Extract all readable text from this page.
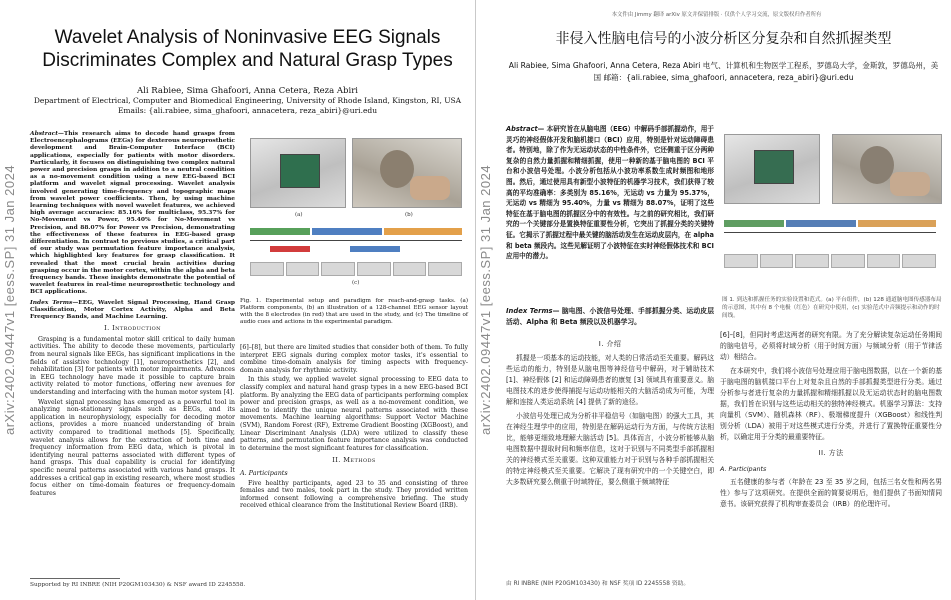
arXiv:2402.09447v1 [eess.SP] 31 Jan 2024
Wavelet Analysis of Noninvasive EEG Signals Discriminates Complex and Natural Grasp Types
Ali Rabiee, Sima Ghafoori, Anna Cetera, Reza Abiri
Department of Electrical, Computer and Biomedical Engineering, University of Rhode Island, Kingston, RI, USA
Emails: {ali.rabiee, sima_ghafoori, annacetera, reza_abiri}@uri.edu
Abstract—This research aims to decode hand grasps from Electroencephalograms (EEGs) for dexterous neuroprosthetic development and Brain-Computer Interface (BCI) applications, especially for patients with motor disorders. Particularly, it focuses on distinguishing two complex natural power and precision grasps in addition to a neutral condition as a no-movement condition using a new EEG-based BCI platform and wavelet signal processing. Wavelet analysis involved generating time-frequency and topographic maps from wavelet power coefficients. Then, by using machine learning techniques with novel wavelet features, we achieved high average accuracies: 85.16% for multiclass, 95.37% for No-Movement vs Power, 95.40% for No-Movement vs Precision, and 88.07% for Power vs Precision, demonstrating the effectiveness of these features in EEG-based grasp differentiation. In contrast to previous studies, a critical part of our study was permutation feature importance analysis, which highlighted key features for grasp classification. It revealed that the most crucial brain activities during grasping occur in the motor cortex, within the alpha and beta frequency bands. These insights demonstrate the potential of wavelet features in real-time neuroprosthetic technology and BCI applications.
Index Terms—EEG, Wavelet Signal Processing, Hand Grasp Classification, Motor Cortex Activity, Alpha and Beta Frequency Bands, and Machine Learning.
I. Introduction

Grasping is a fundamental motor skill critical to daily human activities. The ability to decode these movements, particularly from neural signals like EEGs, has significant implications in the fields of assistive technology [1], neuroprosthetics [2], and rehabilitation [3] for patients with motor impairments. Advances in EEG technology have made it possible to capture brain activity related to motor functions, offering new avenues for understanding and interfacing with the human motor system [4].

Wavelet signal processing has emerged as a powerful tool in analyzing non-stationary signals such as EEGs, and its application in neurophysiology, especially for decoding motor actions, provides a more nuanced understanding of brain activity compared to traditional methods [5]. Specifically, wavelet analysis allows for the extraction of both time and frequency information from EEG data, which is pivotal in identifying neural patterns associated with different types of hand grasps. This dual capability is crucial for identifying specific neural patterns associated with various hand grasps. It addresses a critical gap in existing research, where most studies focus either on time-domain features or frequency-domain features

(a)	(b)
(c)
Fig. 1. Experimental setup and paradigm for reach-and-grasp tasks. (a) Platform components, (b) an illustration of a 128-channel EEG sensor layout with the 8 electrodes (in red) that are used in the study, and (c) The timeline of audio cues and actions in the experimental paradigm.

[6]–[8], but there are limited studies that consider both of them. To fully interpret EEG signals during complex motor tasks, it's essential to combine time-domain analysis for timing aspects with frequency-domain analysis for rhythmic activity.

In this study, we applied wavelet signal processing to EEG data to classify complex and natural hand grasp types in a new EEG-based BCI platform. By analyzing the EEG data of participants performing complex power and precision grasps, as well as a no-movement condition, we aimed to identify the unique neural patterns associated with these movements. Machine learning algorithms: Support Vector Machine (SVM), Random Forest (RF), Extreme Gradient Boosting (XGBoost), and Linear Discriminant Analysis (LDA) were utilized to classify these patterns, and permutation feature importance analysis was conducted to determine the most significant features for classification.

II. Methods
A. Participants

Five healthy participants, aged 23 to 35 and consisting of three females and two males, took part in the study. They provided written informed consent following a comprehensive briefing. The study received ethical clearance from the Institutional Review Board (IRB).

Supported by RI INBRE (NIH P20GM103430) & NSF award ID 2245558.
arXiv:2402.09447v1 [eess.SP] 31 Jan 2024
本文件由 Jimmy 翻译 arXiv 原文并保留排版 · 仅供个人学习交流，原文版权归作者所有
非侵入性脑电信号的小波分析区分复杂和自然抓握类型
Ali Rabiee, Sima Ghafoori, Anna Cetera, Reza Abiri 电气、计算机和生物医学工程系，罗德岛大学，金斯敦，罗德岛州，美国 邮箱：{ali.rabiee, sima_ghafoori, annacetera, reza_abiri}@uri.edu
Abstract— 本研究旨在从脑电图（EEG）中解码手部抓握动作，用于灵巧的神经假体开发和脑机接口（BCI）应用，特别是针对运动障碍患者。特别地，除了作为无运动状态的中性条件外，它还侧重于区分两种复杂的自然力量抓握和精细抓握，使用一种新的基于脑电图的 BCI 平台和小波信号处理。小波分析包括从小波功率系数生成时频图和地形图。然后，通过使用具有新型小波特征的机器学习技术，我们获得了较高的平均准确率：多类别为 85.16%，无运动 vs 力量为 95.37%，无运动 vs 精细为 95.40%，力量 vs 精细为 88.07%，证明了这些特征在基于脑电图的抓握区分中的有效性。与之前的研究相比，我们研究的一个关键部分是置换特征重要性分析，它突出了抓握分类的关键特征。它揭示了抓握过程中最关键的脑活动发生在运动皮层内，在 alpha 和 beta 频段内。这些见解证明了小波特征在实时神经假体技术和 BCI 应用中的潜力。
Index Terms— 脑电图、小波信号处理、手部抓握分类、运动皮层活动、Alpha 和 Beta 频段以及机器学习。
I. 介绍

抓握是一项基本的运动技能，对人类的日常活动至关重要。解码这些运动的能力，特别是从脑电图等神经信号中解码，对于辅助技术 [1]、神经假体 [2] 和运动障碍患者的康复 [3] 领域具有重要意义。脑电图技术的进步使得捕捉与运动功能相关的大脑活动成为可能，为理解和连接人类运动系统 [4] 提供了新的途径。

小波信号处理已成为分析非平稳信号（如脑电图）的强大工具，其在神经生理学中的应用，特别是在解码运动行为方面，与传统方法相比，能够更细致地理解大脑活动 [5]。具体而言，小波分析能够从脑电图数据中提取时间和频率信息，这对于识别与不同类型手部抓握相关的神经模式至关重要。这种双重能力对于识别与各种手部抓握相关的特定神经模式至关重要。它解决了现有研究中的一个关键空白，即大多数研究要么侧重于时域特征，要么侧重于频域特征

图 1. 到达和抓握任务的实验设置和范式。(a) 平台组件，(b) 128 通道脑电图传感器布局的示意图，其中有 8 个电极（红色）在研究中使用，(c) 实验范式中音频提示和动作的时间线。

[6]–[8]，但同时考虑这两者的研究有限。为了充分解读复杂运动任务期间的脑电信号，必须将时域分析（用于时间方面）与频域分析（用于节律活动）相结合。

在本研究中，我们将小波信号处理应用于脑电图数据，以在一个新的基于脑电图的脑机接口平台上对复杂且自然的手部抓握类型进行分类。通过分析参与者进行复杂的力量抓握和精细抓握以及无运动状态时的脑电图数据，我们旨在识别与这些运动相关的独特神经模式。机器学习算法：支持向量机（SVM）、随机森林（RF）、极端梯度提升（XGBoost）和线性判别分析（LDA）被用于对这些模式进行分类，并进行了置换特征重要性分析，以确定用于分类的最重要特征。

II. 方法
A. Participants

五名健康的参与者（年龄在 23 至 35 岁之间，包括三名女性和两名男性）参与了这项研究。在提供全面的简要说明后，他们提供了书面知情同意书。该研究获得了机构审查委员会（IRB）的伦理许可。

由 RI INBRE (NIH P20GM103430) 和 NSF 奖项 ID 2245558 资助。
